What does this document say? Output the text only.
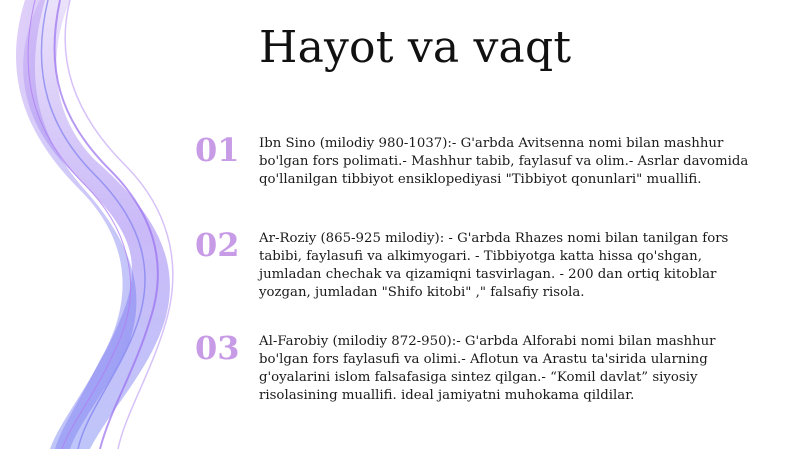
Hayot va vaqt
01	Ibn Sino (milodiy 980-1037):- G'arbda Avitsenna nomi bilan mashhur bo'lgan fors polimati.- Mashhur tabib, faylasuf va olim.- Asrlar davomida qo'llanilgan tibbiyot ensiklopediyasi "Tibbiyot qonunlari" muallifi.
02	Ar-Roziy (865-925 milodiy): - G'arbda Rhazes nomi bilan tanilgan fors tabibi, faylasufi va alkimyogari. - Tibbiyotga katta hissa qo'shgan, jumladan chechak va qizamiqni tasvirlagan. - 200 dan ortiq kitoblar yozgan, jumladan "Shifo kitobi" ," falsafiy risola.
03	Al-Farobiy (milodiy 872-950):- G'arbda Alforabi nomi bilan mashhur bo'lgan fors faylasufi va olimi.- Aflotun va Arastu ta'sirida ularning g'oyalarini islom falsafasiga sintez qilgan.- “Komil davlat” siyosiy risolasining muallifi. ideal jamiyatni muhokama qildilar.
